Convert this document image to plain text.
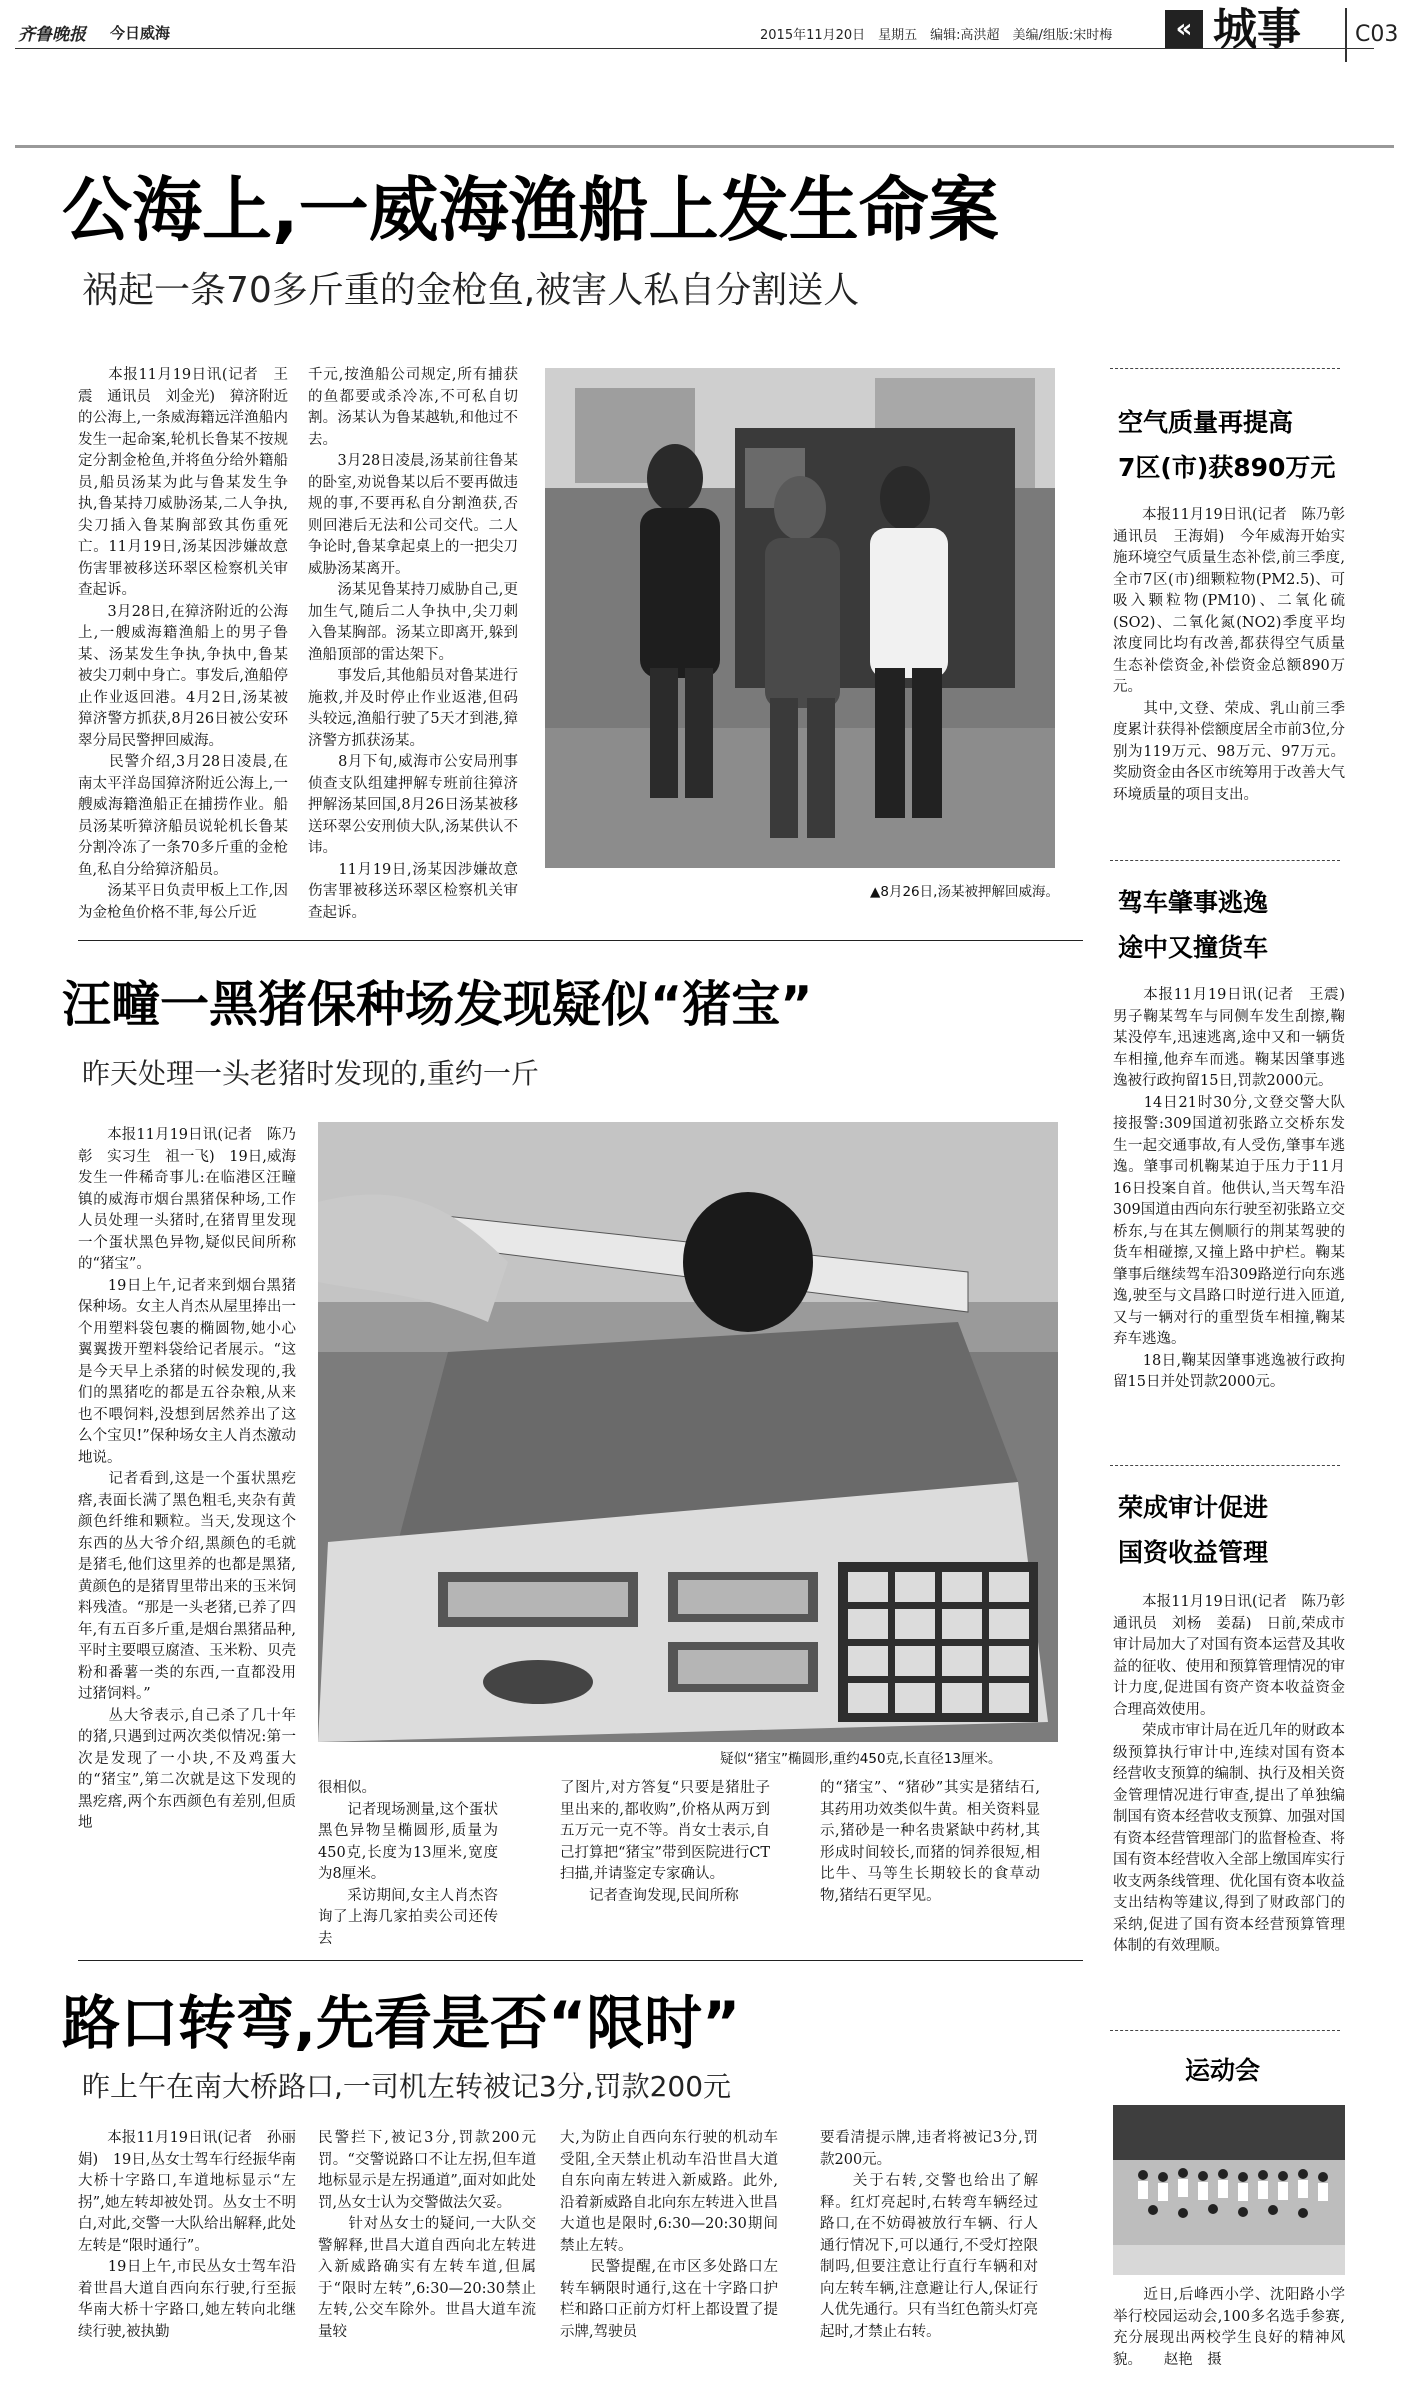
齐鲁晚报 今日威海	2015年11月20日　星期五　编辑:高洪超　美编/组版:宋时梅	« 城事 C03
公海上,一威海渔船上发生命案
祸起一条70多斤重的金枪鱼,被害人私自分割送人
　　本报11月19日讯(记者　王震　通讯员　刘金光)　獐济附近的公海上,一条威海籍远洋渔船内发生一起命案,轮机长鲁某不按规定分割金枪鱼,并将鱼分给外籍船员,船员汤某为此与鲁某发生争执,鲁某持刀威胁汤某,二人争执,尖刀插入鲁某胸部致其伤重死亡。11月19日,汤某因涉嫌故意伤害罪被移送环翠区检察机关审查起诉。
　　3月28日,在獐济附近的公海上,一艘威海籍渔船上的男子鲁某、汤某发生争执,争执中,鲁某被尖刀刺中身亡。事发后,渔船停止作业返回港。4月2日,汤某被獐济警方抓获,8月26日被公安环翠分局民警押回威海。
　　民警介绍,3月28日凌晨,在南太平洋岛国獐济附近公海上,一艘威海籍渔船正在捕捞作业。船员汤某听獐济船员说轮机长鲁某分割冷冻了一条70多斤重的金枪鱼,私自分给獐济船员。
　　汤某平日负责甲板上工作,因为金枪鱼价格不菲,每公斤近
千元,按渔船公司规定,所有捕获的鱼都要或杀冷冻,不可私自切割。汤某认为鲁某越轨,和他过不去。
　　3月28日凌晨,汤某前往鲁某的卧室,劝说鲁某以后不要再做违规的事,不要再私自分割渔获,否则回港后无法和公司交代。二人争论时,鲁某拿起桌上的一把尖刀威胁汤某离开。
　　汤某见鲁某持刀威胁自己,更加生气,随后二人争执中,尖刀刺入鲁某胸部。汤某立即离开,躲到渔船顶部的雷达架下。
　　事发后,其他船员对鲁某进行施救,并及时停止作业返港,但码头较远,渔船行驶了5天才到港,獐济警方抓获汤某。
　　8月下旬,威海市公安局刑事侦查支队组建押解专班前往獐济押解汤某回国,8月26日汤某被移送环翠公安刑侦大队,汤某供认不讳。
　　11月19日,汤某因涉嫌故意伤害罪被移送环翠区检察机关审查起诉。
▲8月26日,汤某被押解回威海。
汪疃一黑猪保种场发现疑似“猪宝”
昨天处理一头老猪时发现的,重约一斤
　　本报11月19日讯(记者　陈乃彰　实习生　祖一飞)　19日,威海发生一件稀奇事儿:在临港区汪疃镇的威海市烟台黑猪保种场,工作人员处理一头猪时,在猪胃里发现一个蛋状黑色异物,疑似民间所称的“猪宝”。
　　19日上午,记者来到烟台黑猪保种场。女主人肖杰从屋里捧出一个用塑料袋包裹的椭圆物,她小心翼翼拨开塑料袋给记者展示。“这是今天早上杀猪的时候发现的,我们的黑猪吃的都是五谷杂粮,从来也不喂饲料,没想到居然养出了这么个宝贝!”保种场女主人肖杰激动地说。
　　记者看到,这是一个蛋状黑疙瘩,表面长满了黑色粗毛,夹杂有黄颜色纤维和颗粒。当天,发现这个东西的丛大爷介绍,黑颜色的毛就是猪毛,他们这里养的也都是黑猪,黄颜色的是猪胃里带出来的玉米饲料残渣。“那是一头老猪,已养了四年,有五百多斤重,是烟台黑猪品种,平时主要喂豆腐渣、玉米粉、贝壳粉和番薯一类的东西,一直都没用过猪饲料。”
　　丛大爷表示,自己杀了几十年的猪,只遇到过两次类似情况:第一次是发现了一小块,不及鸡蛋大的“猪宝”,第二次就是这下发现的黑疙瘩,两个东西颜色有差别,但质地
疑似“猪宝”椭圆形,重约450克,长直径13厘米。
很相似。
　　记者现场测量,这个蛋状黑色异物呈椭圆形,质量为450克,长度为13厘米,宽度为8厘米。
　　采访期间,女主人肖杰咨询了上海几家拍卖公司还传去
了图片,对方答复“只要是猪肚子里出来的,都收购”,价格从两万到五万元一克不等。肖女士表示,自己打算把“猪宝”带到医院进行CT扫描,并请鉴定专家确认。
　　记者查询发现,民间所称
的“猪宝”、“猪砂”其实是猪结石,其药用功效类似牛黄。相关资料显示,猪砂是一种名贵紧缺中药材,其形成时间较长,而猪的饲养很短,相比牛、马等生长期较长的食草动物,猪结石更罕见。
路口转弯,先看是否“限时”
昨上午在南大桥路口,一司机左转被记3分,罚款200元
　　本报11月19日讯(记者　孙丽娟)　19日,丛女士驾车行经振华南大桥十字路口,车道地标显示“左拐”,她左转却被处罚。丛女士不明白,对此,交警一大队给出解释,此处左转是“限时通行”。
　　19日上午,市民丛女士驾车沿着世昌大道自西向东行驶,行至振华南大桥十字路口,她左转向北继续行驶,被执勤
民警拦下,被记3分,罚款200元罚。“交警说路口不让左拐,但车道地标显示是左拐通道”,面对如此处罚,丛女士认为交警做法欠妥。
　　针对丛女士的疑问,一大队交警解释,世昌大道自西向北左转进入新威路确实有左转车道,但属于“限时左转”,6:30—20:30禁止左转,公交车除外。世昌大道车流量较
大,为防止自西向东行驶的机动车受阻,全天禁止机动车沿世昌大道自东向南左转进入新威路。此外,沿着新威路自北向东左转进入世昌大道也是限时,6:30—20:30期间禁止左转。
　　民警提醒,在市区多处路口左转车辆限时通行,这在十字路口护栏和路口正前方灯杆上都设置了提示牌,驾驶员
要看清提示牌,违者将被记3分,罚款200元。
　　关于右转,交警也给出了解释。红灯亮起时,右转弯车辆经过路口,在不妨碍被放行车辆、行人通行情况下,可以通行,不受灯控限制吗,但要注意让行直行车辆和对向左转车辆,注意避让行人,保证行人优先通行。只有当红色箭头灯亮起时,才禁止右转。
空气质量再提高
7区(市)获890万元
　　本报11月19日讯(记者　陈乃彰　通讯员　王海娟)　今年威海开始实施环境空气质量生态补偿,前三季度,全市7区(市)细颗粒物(PM2.5)、可吸入颗粒物(PM10)、二氧化硫(SO2)、二氧化氮(NO2)季度平均浓度同比均有改善,都获得空气质量生态补偿资金,补偿资金总额890万元。
　　其中,文登、荣成、乳山前三季度累计获得补偿额度居全市前3位,分别为119万元、98万元、97万元。奖励资金由各区市统筹用于改善大气环境质量的项目支出。
驾车肇事逃逸
途中又撞货车
　　本报11月19日讯(记者　王震)　男子鞠某驾车与同侧车发生刮擦,鞠某没停车,迅速逃离,途中又和一辆货车相撞,他弃车而逃。鞠某因肇事逃逸被行政拘留15日,罚款2000元。
　　14日21时30分,文登交警大队接报警:309国道初张路立交桥东发生一起交通事故,有人受伤,肇事车逃逸。肇事司机鞠某迫于压力于11月16日投案自首。他供认,当天驾车沿309国道由西向东行驶至初张路立交桥东,与在其左侧顺行的荆某驾驶的货车相碰擦,又撞上路中护栏。鞠某肇事后继续驾车沿309路逆行向东逃逸,驶至与文昌路口时逆行进入匝道,又与一辆对行的重型货车相撞,鞠某弃车逃逸。
　　18日,鞠某因肇事逃逸被行政拘留15日并处罚款2000元。
荣成审计促进
国资收益管理
　　本报11月19日讯(记者　陈乃彰　通讯员　刘杨　姜磊)　日前,荣成市审计局加大了对国有资本运营及其收益的征收、使用和预算管理情况的审计力度,促进国有资产资本收益资金合理高效使用。
　　荣成市审计局在近几年的财政本级预算执行审计中,连续对国有资本经营收支预算的编制、执行及相关资金管理情况进行审查,提出了单独编制国有资本经营收支预算、加强对国有资本经营管理部门的监督检查、将国有资本经营收入全部上缴国库实行收支两条线管理、优化国有资本收益支出结构等建议,得到了财政部门的采纳,促进了国有资本经营预算管理体制的有效理顺。
运动会
　　近日,后峰西小学、沈阳路小学举行校园运动会,100多名选手参赛,充分展现出两校学生良好的精神风貌。　　赵艳　摄
